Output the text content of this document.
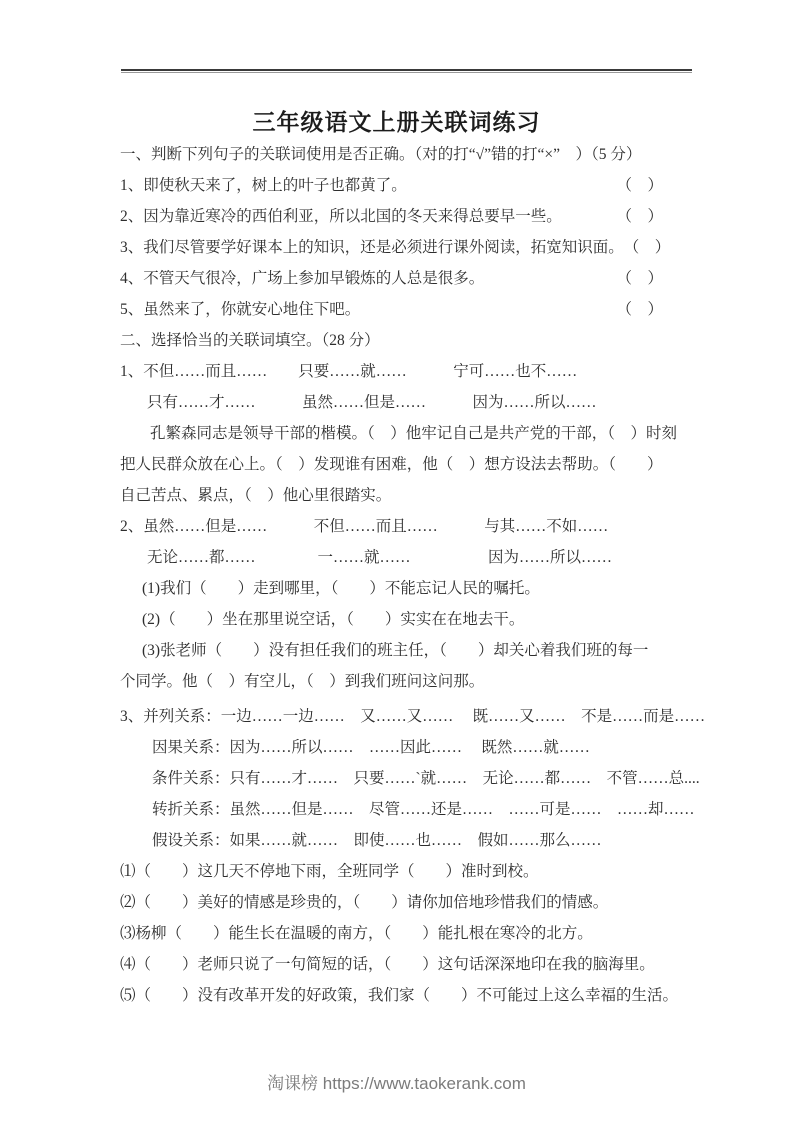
三年级语文上册关联词练习
一、判断下列句子的关联词使用是否正确。（对的打“√”错的打“×”　）（5 分）
1、即使秋天来了，树上的叶子也都黄了。	（　）
2、因为靠近寒冷的西伯利亚，所以北国的冬天来得总要早一些。	（　）
3、我们尽管要学好课本上的知识，还是必须进行课外阅读，拓宽知识面。 （　）
4、不管天气很冷，广场上参加早锻炼的人总是很多。	（　）
5、虽然来了，你就安心地住下吧。	（　）
二、选择恰当的关联词填空。（28 分）
1、不但……而且……　　只要……就……　　　宁可……也不……
只有……才……　　　虽然……但是……　　　因为……所以……
孔繁森同志是领导干部的楷模。（　）他牢记自己是共产党的干部，（　）时刻
把人民群众放在心上。（　）发现谁有困难，他（　）想方设法去帮助。（　　）
自己苦点、累点，（　）他心里很踏实。
2、虽然……但是……　　　不但……而且……　　　与其……不如……
无论……都……　　　　一……就……　　　　　因为……所以……
(1)我们（　　）走到哪里，（　　）不能忘记人民的嘱托。
(2)（　　）坐在那里说空话，（　　）实实在在地去干。
(3)张老师（　　）没有担任我们的班主任，（　　）却关心着我们班的每一
个同学。他（　）有空儿，（　）到我们班问这问那。
3、并列关系：一边……一边……　又……又……　 既……又……　不是……而是……
因果关系：因为……所以……　……因此……　 既然……就……
条件关系：只有……才……　只要……`就……　无论……都……　不管……总....
转折关系：虽然……但是……　尽管……还是……　……可是……　……却……
假设关系：如果……就……　即使……也……　假如……那么……
⑴（　　）这几天不停地下雨，全班同学（　　）准时到校。
⑵（　　）美好的情感是珍贵的，（　　）请你加倍地珍惜我们的情感。
⑶杨柳（　　）能生长在温暖的南方，（　　）能扎根在寒冷的北方。
⑷（　　）老师只说了一句简短的话，（　　）这句话深深地印在我的脑海里。
⑸（　　）没有改革开发的好政策，我们家（　　）不可能过上这么幸福的生活。
淘课榜 https://www.taokerank.com
